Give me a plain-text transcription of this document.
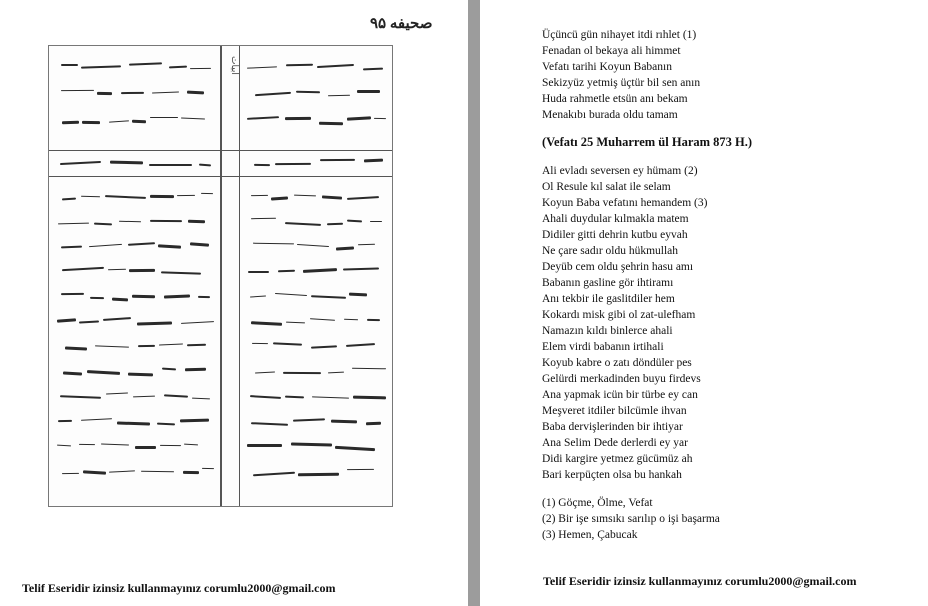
صحیفه ۹۵
ابیات
Telif Eseridir izinsiz kullanmayınız corumlu2000@gmail.com
Üçüncü gün nihayet itdi rıhlet (1)
Fenadan ol bekaya ali himmet
Vefatı tarihi Koyun Babanın
Sekizyüz yetmiş üçtür bil sen anın
Huda rahmetle etsün anı bekam
Menakıbı burada oldu tamam
(Vefatı 25 Muharrem ül Haram 873 H.)
Ali evladı seversen ey hümam (2)
Ol Resule kıl salat ile selam
Koyun Baba vefatını hemandem (3)
Ahali duydular kılmakla matem
Didiler gitti dehrin kutbu eyvah
Ne çare sadır oldu hükmullah
Deyüb cem oldu şehrin hasu amı
Babanın gasline gör ihtiramı
Anı tekbir ile gaslitdiler hem
Kokardı misk gibi ol zat-ulefham
Namazın kıldı binlerce ahali
Elem virdi babanın irtihali
Koyub kabre o zatı döndüler pes
Gelürdi merkadinden buyu firdevs
Ana yapmak icün bir türbe ey can
Meşveret itdiler bilcümle ihvan
Baba dervişlerinden bir ihtiyar
Ana Selim Dede derlerdi ey yar
Didi kargire yetmez gücümüz ah
Bari kerpüçten olsa bu hankah
(1) Göçme, Ölme, Vefat
(2) Bir işe sımsıkı sarılıp o işi başarma
(3) Hemen, Çabucak
Telif Eseridir izinsiz kullanmayınız corumlu2000@gmail.com
